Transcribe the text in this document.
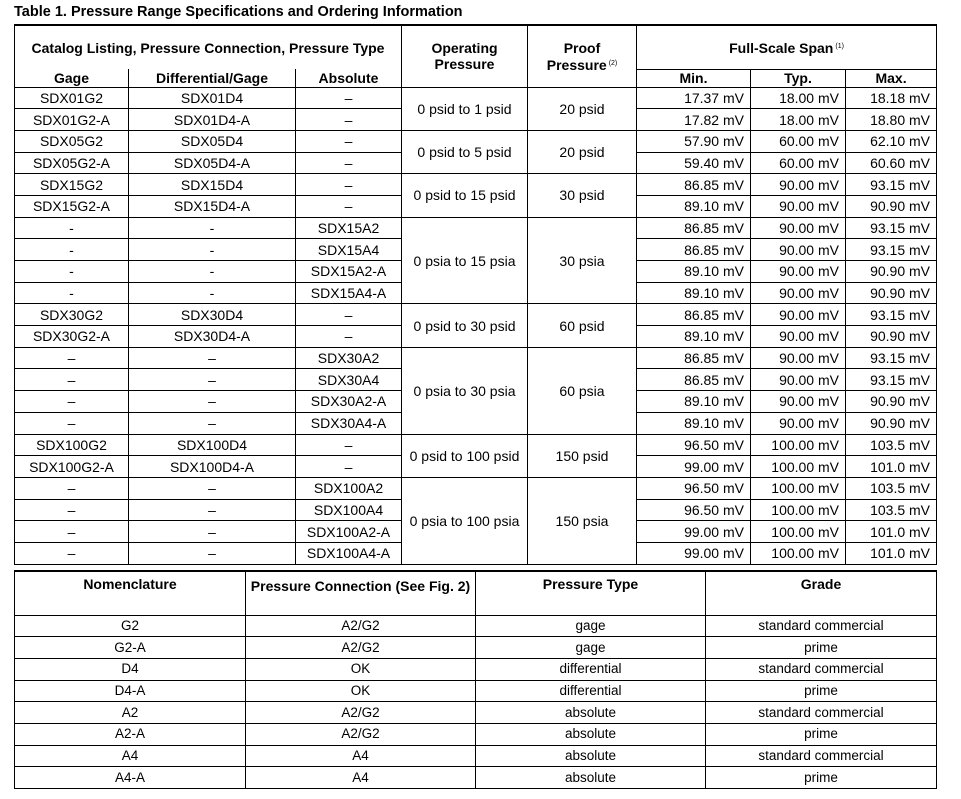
Table 1. Pressure Range Specifications and Ordering Information
Catalog Listing, Pressure Connection, Pressure Type			Operating Pressure	Proof Pressure $^{(2)}$	Full-Scale Span $^{(1)}$
Gage	Differential/Gage	Absolute			Min.	Typ.	Max.
SDX01G2	SDX01D4	–	0 psid to 1 psid	20 psid	17.37 mV	18.00 mV	18.18 mV
SDX01G2-A	SDX01D4-A	–			17.82 mV	18.00 mV	18.80 mV
SDX05G2	SDX05D4	–	0 psid to 5 psid	20 psid	57.90 mV	60.00 mV	62.10 mV
SDX05G2-A	SDX05D4-A	–			59.40 mV	60.00 mV	60.60 mV
SDX15G2	SDX15D4	–	0 psid to 15 psid	30 psid	86.85 mV	90.00 mV	93.15 mV
SDX15G2-A	SDX15D4-A	–			89.10 mV	90.00 mV	90.90 mV
-	-	SDX15A2	0 psia to 15 psia	30 psia	86.85 mV	90.00 mV	93.15 mV
-	-	SDX15A4			86.85 mV	90.00 mV	93.15 mV
-	-	SDX15A2-A			89.10 mV	90.00 mV	90.90 mV
-	-	SDX15A4-A			89.10 mV	90.00 mV	90.90 mV
SDX30G2	SDX30D4	–	0 psid to 30 psid	60 psid	86.85 mV	90.00 mV	93.15 mV
SDX30G2-A	SDX30D4-A	–			89.10 mV	90.00 mV	90.90 mV
–	–	SDX30A2	0 psia to 30 psia	60 psia	86.85 mV	90.00 mV	93.15 mV
–	–	SDX30A4			86.85 mV	90.00 mV	93.15 mV
–	–	SDX30A2-A			89.10 mV	90.00 mV	90.90 mV
–	–	SDX30A4-A			89.10 mV	90.00 mV	90.90 mV
SDX100G2	SDX100D4	–	0 psid to 100 psid	150 psid	96.50 mV	100.00 mV	103.5 mV
SDX100G2-A	SDX100D4-A	–			99.00 mV	100.00 mV	101.0 mV
–	–	SDX100A2	0 psia to 100 psia	150 psia	96.50 mV	100.00 mV	103.5 mV
–	–	SDX100A4			96.50 mV	100.00 mV	103.5 mV
–	–	SDX100A2-A			99.00 mV	100.00 mV	101.0 mV
–	–	SDX100A4-A			99.00 mV	100.00 mV	101.0 mV
Nomenclature	Pressure Connection (See Fig. 2)	Pressure Type	Grade
G2	A2/G2	gage	standard commercial
G2-A	A2/G2	gage	prime
D4	OK	differential	standard commercial
D4-A	OK	differential	prime
A2	A2/G2	absolute	standard commercial
A2-A	A2/G2	absolute	prime
A4	A4	absolute	standard commercial
A4-A	A4	absolute	prime
